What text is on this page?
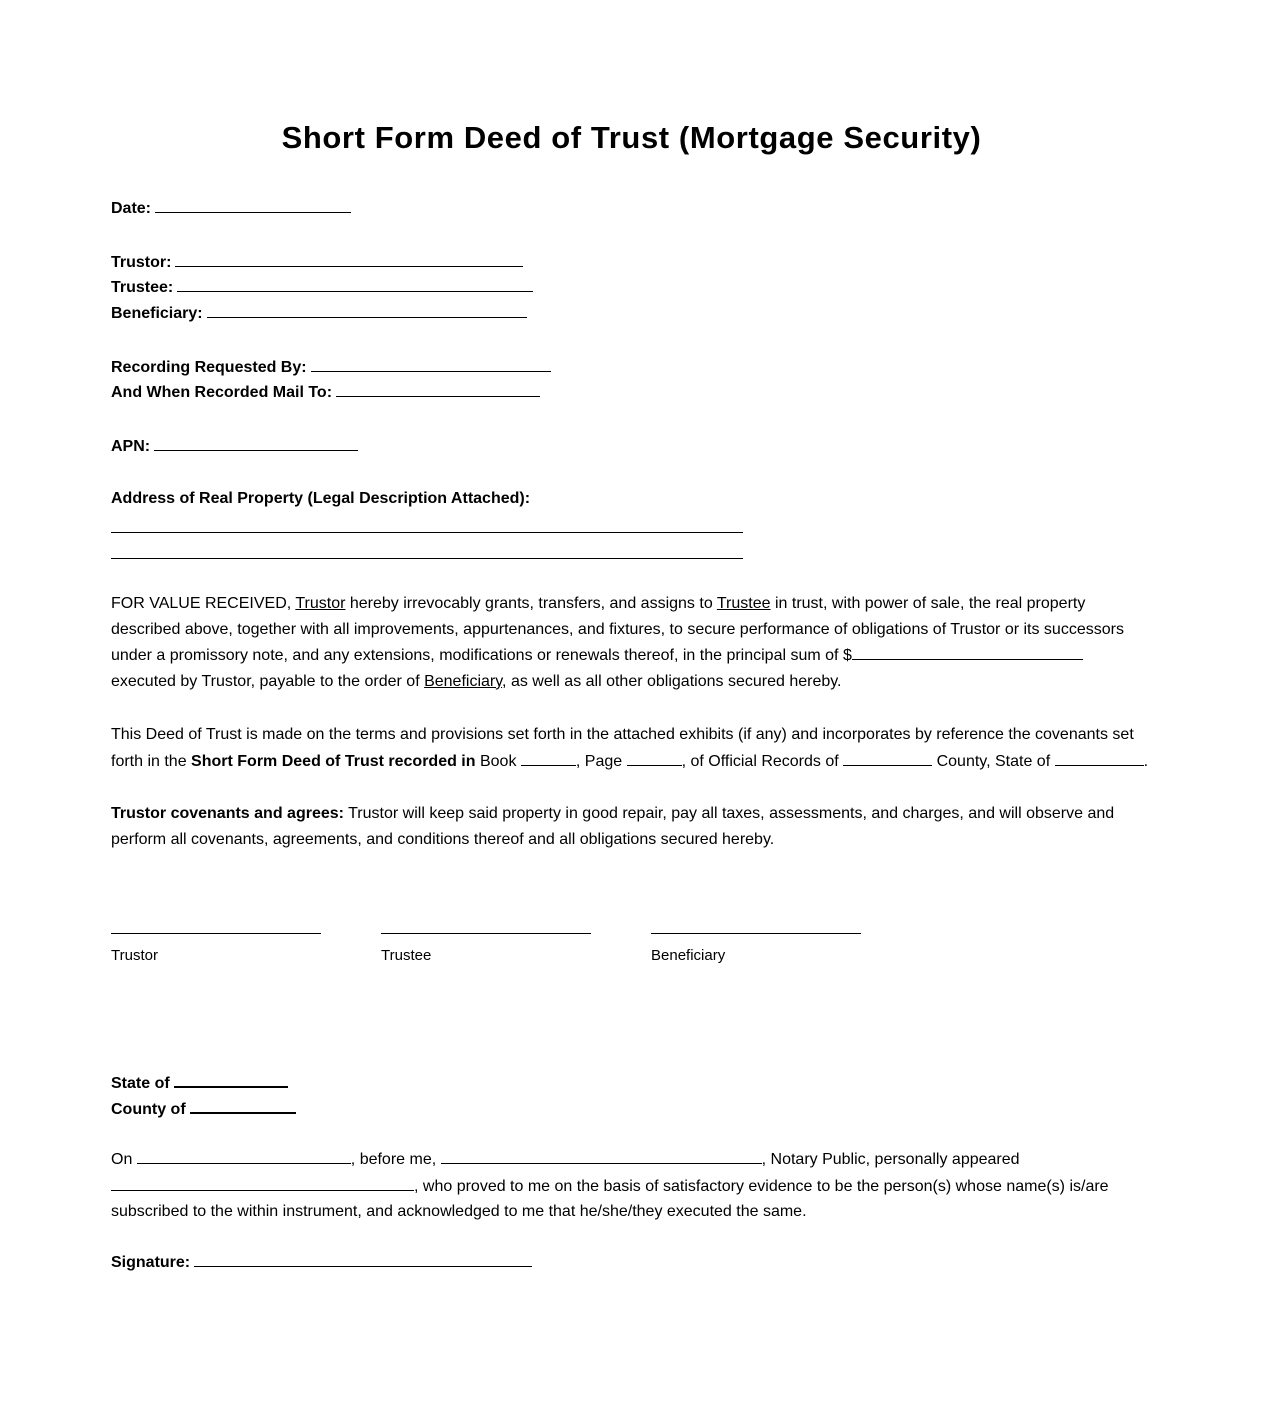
Short Form Deed of Trust (Mortgage Security)
Date:
Trustor:
Trustee:
Beneficiary:
Recording Requested By:
And When Recorded Mail To:
APN:
Address of Real Property (Legal Description Attached):
FOR VALUE RECEIVED, Trustor hereby irrevocably grants, transfers, and assigns to Trustee in trust, with power of sale, the real property
described above, together with all improvements, appurtenances, and fixtures, to secure performance of obligations of Trustor or its successors
under a promissory note, and any extensions, modifications or renewals thereof, in the principal sum of $
executed by Trustor, payable to the order of Beneficiary, as well as all other obligations secured hereby.
This Deed of Trust is made on the terms and provisions set forth in the attached exhibits (if any) and incorporates by reference the covenants set
forth in the Short Form Deed of Trust recorded in Book	, Page	, of Official Records of	County, State of	.
Trustor covenants and agrees: Trustor will keep said property in good repair, pay all taxes, assessments, and charges, and will observe and
perform all covenants, agreements, and conditions thereof and all obligations secured hereby.
Trustor	Trustee	Beneficiary
State of
County of
On	, before me,	, Notary Public, personally appeared
, who proved to me on the basis of satisfactory evidence to be the person(s) whose name(s) is/are
subscribed to the within instrument, and acknowledged to me that he/she/they executed the same.
Signature:
